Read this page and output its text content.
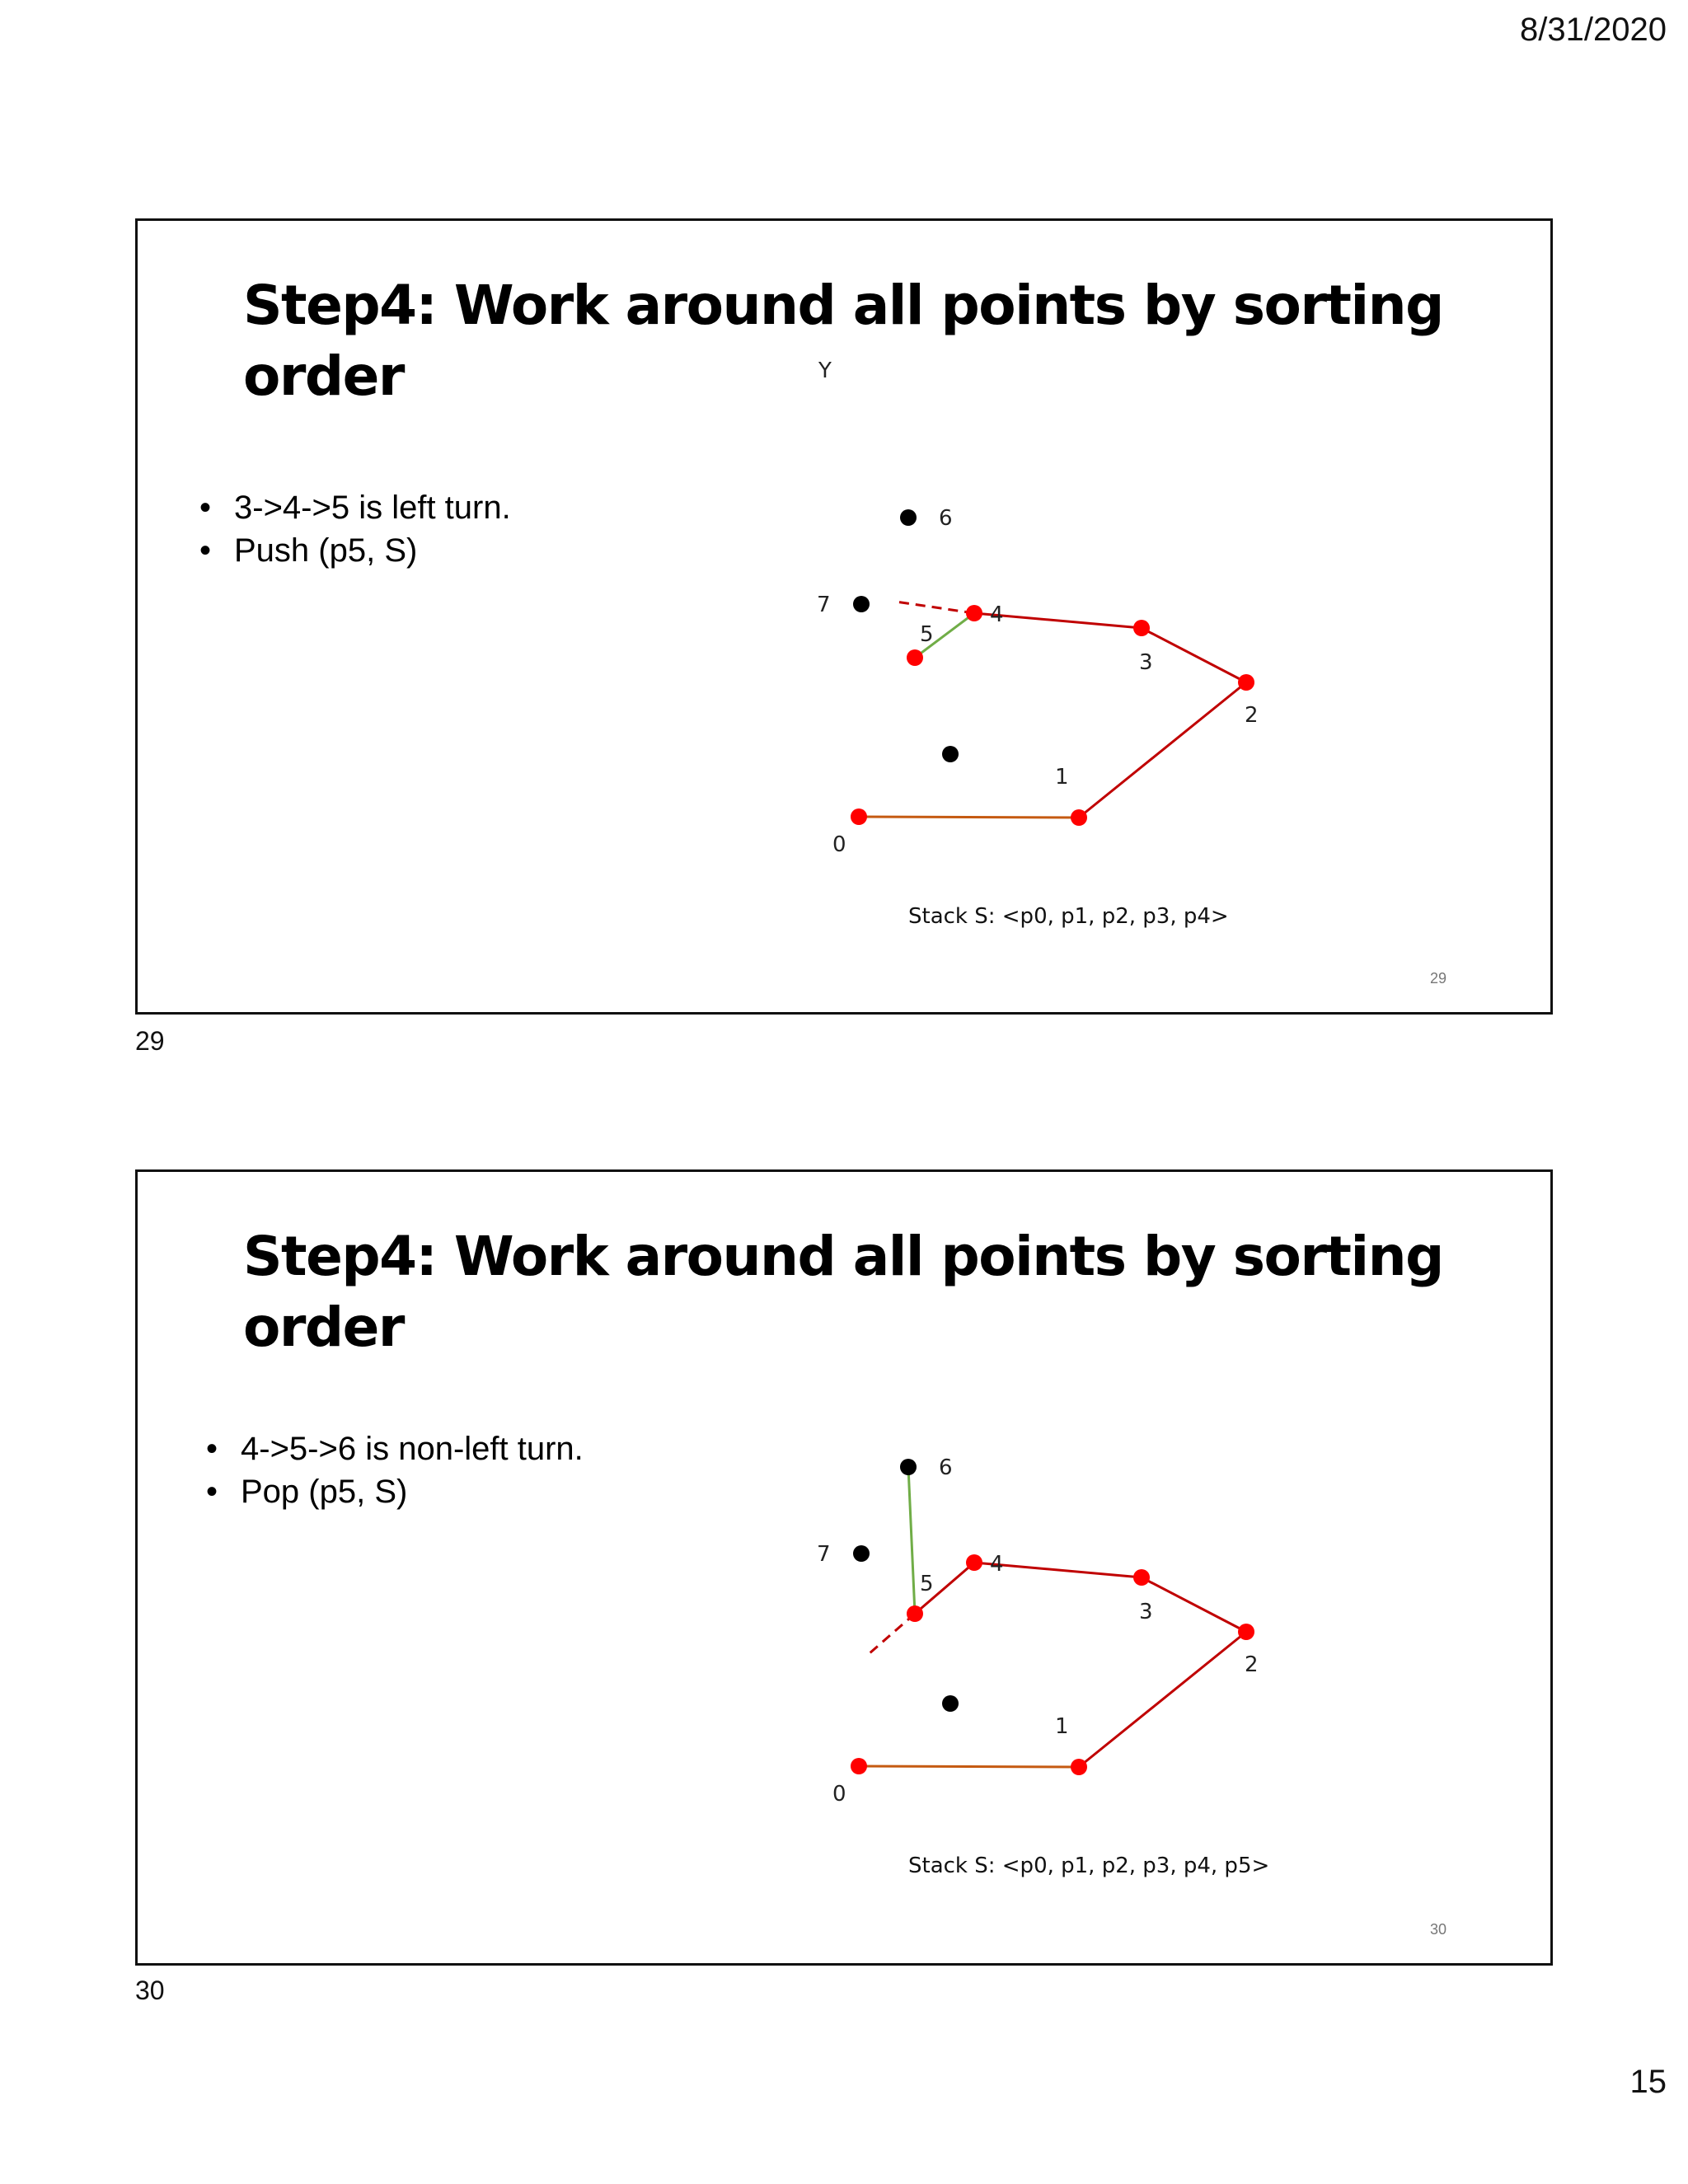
8/31/2020
Y
0
1
2
3
4
5
6
7
Stack S: <p0, p1, p2, p3, p4>
Step4: Work around all points by sorting
order
• 3->4->5 is left turn.
• Push (p5, S)
29
29
0
1
2
3
4
5
6
7
Stack S: <p0, p1, p2, p3, p4, p5>
Step4: Work around all points by sorting
order
• 4->5->6 is non-left turn.
• Pop (p5, S)
30
30
15
